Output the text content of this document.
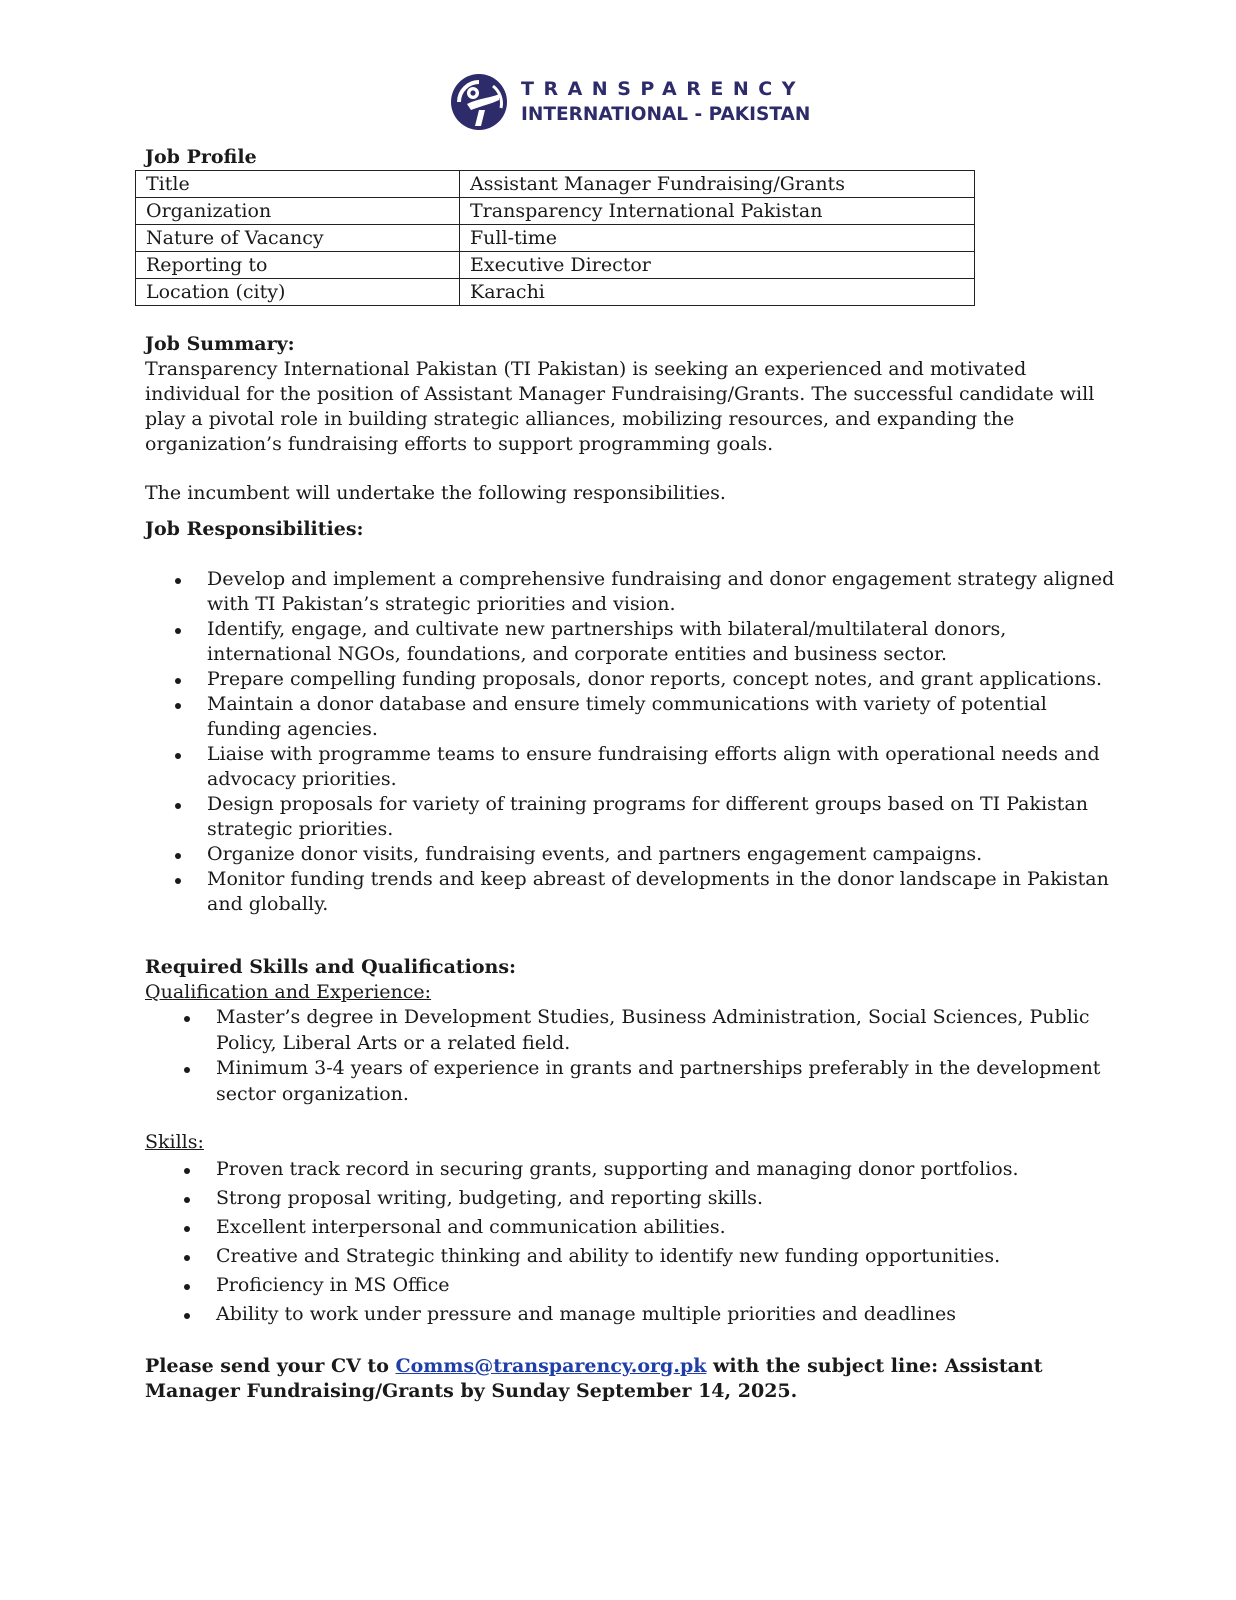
TRANSPARENCY
INTERNATIONAL - PAKISTAN
Job Profile
Title	Assistant Manager Fundraising/Grants
Organization	Transparency International Pakistan
Nature of Vacancy	Full-time
Reporting to	Executive Director
Location (city)	Karachi

Job Summary:

Transparency International Pakistan (TI Pakistan) is seeking an experienced and motivated individual for the position of Assistant Manager Fundraising/Grants. The successful candidate will play a pivotal role in building strategic alliances, mobilizing resources, and expanding the organization’s fundraising efforts to support programming goals.

The incumbent will undertake the following responsibilities.

Job Responsibilities:

Develop and implement a comprehensive fundraising and donor engagement strategy aligned with TI Pakistan’s strategic priorities and vision.
Identify, engage, and cultivate new partnerships with bilateral/multilateral donors, international NGOs, foundations, and corporate entities and business sector.
Prepare compelling funding proposals, donor reports, concept notes, and grant applications.
Maintain a donor database and ensure timely communications with variety of potential funding agencies.
Liaise with programme teams to ensure fundraising efforts align with operational needs and advocacy priorities.
Design proposals for variety of training programs for different groups based on TI Pakistan strategic priorities.
Organize donor visits, fundraising events, and partners engagement campaigns.
Monitor funding trends and keep abreast of developments in the donor landscape in Pakistan and globally.

Required Skills and Qualifications:

Qualification and Experience:

Master’s degree in Development Studies, Business Administration, Social Sciences, Public Policy, Liberal Arts or a related field.
Minimum 3-4 years of experience in grants and partnerships preferably in the development sector organization.

Skills:

Proven track record in securing grants, supporting and managing donor portfolios.
Strong proposal writing, budgeting, and reporting skills.
Excellent interpersonal and communication abilities.
Creative and Strategic thinking and ability to identify new funding opportunities.
Proficiency in MS Office
Ability to work under pressure and manage multiple priorities and deadlines
Please send your CV to Comms@transparency.org.pk with the subject line: Assistant Manager Fundraising/Grants by Sunday September 14, 2025.
